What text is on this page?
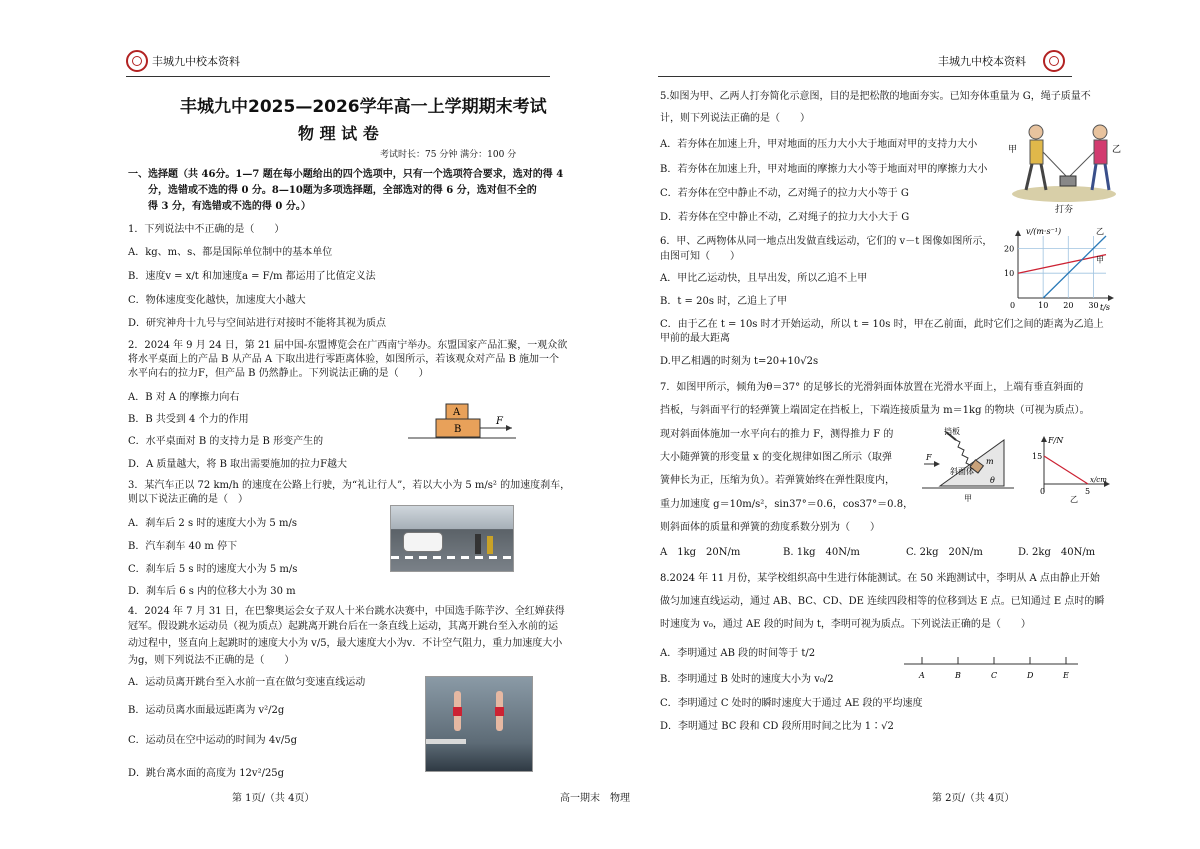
丰城九中校本资料	丰城九中校本资料
丰城九中2025—2026学年高一上学期期末考试
物 理 试 卷
考试时长：75 分钟 满分：100 分
一、选择题（共 46分。1—7 题在每小题给出的四个选项中，只有一个选项符合要求，选对的得 4
分，选错或不选的得 0 分。8—10题为多项选择题，全部选对的得 6 分，选对但不全的
得 3 分，有选错或不选的得 0 分。）
1．下列说法中不正确的是（　　）
A．kg、m、s、都是国际单位制中的基本单位
B．速度v = x/t 和加速度a = F/m 都运用了比值定义法
C．物体速度变化越快，加速度大小越大
D．研究神舟十九号与空间站进行对接时不能将其视为质点
2．2024 年 9 月 24 日，第 21 届中国-东盟博览会在广西南宁举办。东盟国家产品汇聚，一观众欲
将水平桌面上的产品 B 从产品 A 下取出进行零距离体验，如图所示，若该观众对产品 B 施加一个
水平向右的拉力F，但产品 B 仍然静止。下列说法正确的是（　　）
A．B 对 A 的摩擦力向右
B．B 共受到 4 个力的作用
C．水平桌面对 B 的支持力是 B 形变产生的
D．A 质量越大，将 B 取出需要施加的拉力F越大
A
B
F
3．某汽车正以 72 km/h 的速度在公路上行驶，为“礼让行人”，若以大小为 5 m/s² 的加速度刹车，
则以下说法正确的是（　）
A．刹车后 2 s 时的速度大小为 5 m/s
B．汽车刹车 40 m 停下
C．刹车后 5 s 时的速度大小为 5 m/s
D．刹车后 6 s 内的位移大小为 30 m
4．2024 年 7 月 31 日，在巴黎奥运会女子双人十米台跳水决赛中，中国选手陈芋汐、全红婵获得
冠军。假设跳水运动员（视为质点）起跳离开跳台后在一条直线上运动，其离开跳台至入水前的运
动过程中，竖直向上起跳时的速度大小为 v/5，最大速度大小为v．不计空气阻力，重力加速度大小
为g，则下列说法不正确的是（　　）
A．运动员离开跳台至入水前一直在做匀变速直线运动
B．运动员离水面最远距离为 v²/2g
C．运动员在空中运动的时间为 4v/5g
D．跳台离水面的高度为 12v²/25g
5.如图为甲、乙两人打夯简化示意图，目的是把松散的地面夯实。已知夯体重量为 G，绳子质量不
计，则下列说法正确的是（　　）
A．若夯体在加速上升，甲对地面的压力大小大于地面对甲的支持力大小
B．若夯体在加速上升，甲对地面的摩擦力大小等于地面对甲的摩擦力大小
C．若夯体在空中静止不动，乙对绳子的拉力大小等于 G
D．若夯体在空中静止不动，乙对绳子的拉力大小大于 G
甲	乙
打夯
6．甲、乙两物体从同一地点出发做直线运动，它们的 v－t 图像如图所示，
由图可知（　　）
A．甲比乙运动快，且早出发，所以乙追不上甲
B．t = 20s 时，乙追上了甲
C．由于乙在 t = 10s 时才开始运动，所以 t = 10s 时，甲在乙前面，此时它们之间的距离为乙追上
甲前的最大距离
D.甲乙相遇的时刻为 t=20+10√2s
甲
乙
10 20 30
10
20
v/(m·s⁻¹)
t/s
0
7．如图甲所示，倾角为θ＝37° 的足够长的光滑斜面体放置在光滑水平面上，上端有垂直斜面的
挡板，与斜面平行的轻弹簧上端固定在挡板上，下端连接质量为 m＝1kg 的物块（可视为质点）。
现对斜面体施加一水平向右的推力 F，测得推力 F 的
大小随弹簧的形变量 x 的变化规律如图乙所示（取弹
簧伸长为正，压缩为负）。若弹簧始终在弹性限度内，
重力加速度 g＝10m/s²，sin37°＝0.6，cos37°＝0.8，
则斜面体的质量和弹簧的劲度系数分别为（　　）
A　1kg　20N/m	B. 1kg　40N/m	C. 2kg　20N/m	D. 2kg　40N/m
挡板
F	m
斜面体
θ
甲
F/N
x/cm
15
0	5
乙
8.2024 年 11 月份，某学校组织高中生进行体能测试。在 50 米跑测试中，李明从 A 点由静止开始
做匀加速直线运动，通过 AB、BC、CD、DE 连续四段相等的位移到达 E 点。已知通过 E 点时的瞬
时速度为 v₀，通过 AE 段的时间为 t，李明可视为质点。下列说法正确的是（　　）
A．李明通过 AB 段的时间等于 t/2
B．李明通过 B 处时的速度大小为 v₀/2
C．李明通过 C 处时的瞬时速度大于通过 AE 段的平均速度
D．李明通过 BC 段和 CD 段所用时间之比为 1∶√2
A	B	C	D	E
第 1页/（共 4页）	高一期末　物理	第 2页/（共 4页）
